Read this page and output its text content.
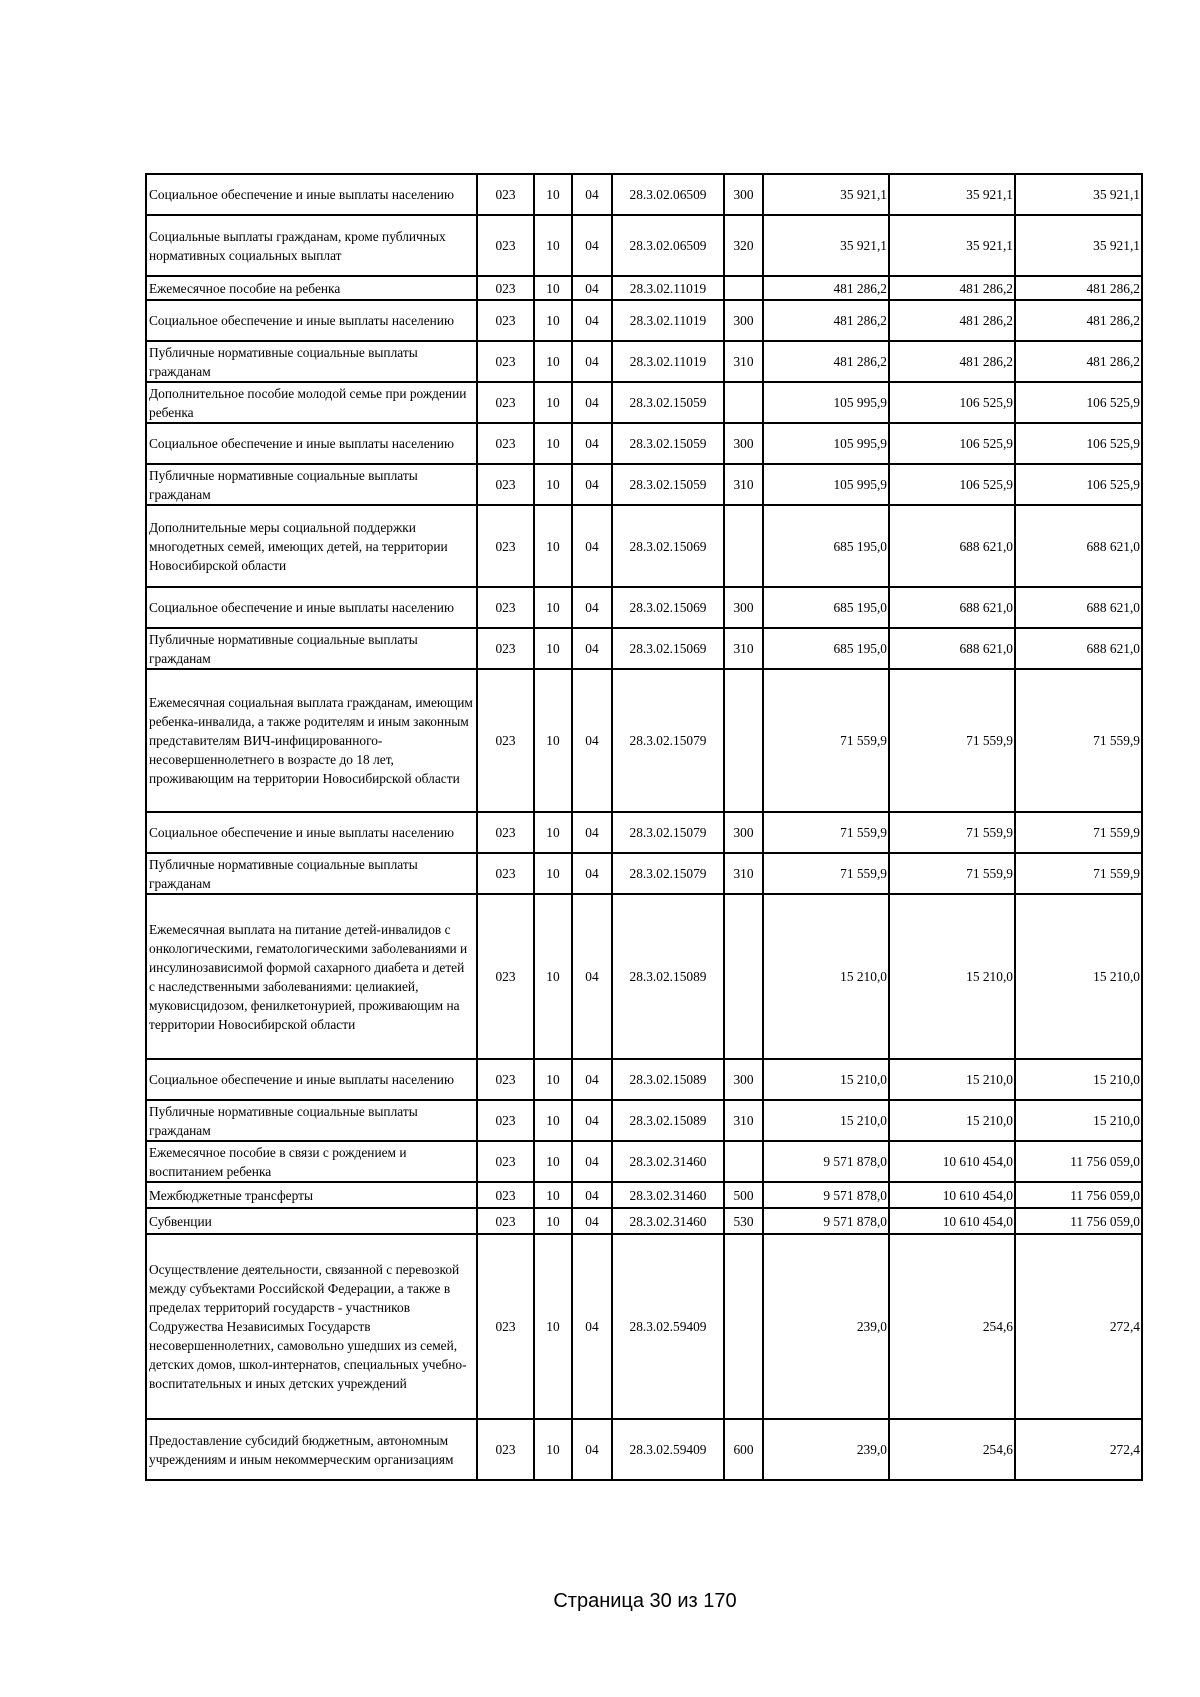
Социальное обеспечение и иные выплаты населению	023	10	04	28.3.02.06509	300	35 921,1	35 921,1	35 921,1
Социальные выплаты гражданам, кроме публичных нормативных социальных выплат	023	10	04	28.3.02.06509	320	35 921,1	35 921,1	35 921,1
Ежемесячное пособие на ребенка	023	10	04	28.3.02.11019		481 286,2	481 286,2	481 286,2
Социальное обеспечение и иные выплаты населению	023	10	04	28.3.02.11019	300	481 286,2	481 286,2	481 286,2
Публичные нормативные социальные выплаты гражданам	023	10	04	28.3.02.11019	310	481 286,2	481 286,2	481 286,2
Дополнительное пособие молодой семье при рождении ребенка	023	10	04	28.3.02.15059		105 995,9	106 525,9	106 525,9
Социальное обеспечение и иные выплаты населению	023	10	04	28.3.02.15059	300	105 995,9	106 525,9	106 525,9
Публичные нормативные социальные выплаты гражданам	023	10	04	28.3.02.15059	310	105 995,9	106 525,9	106 525,9
Дополнительные меры социальной поддержки многодетных семей, имеющих детей, на территории Новосибирской области	023	10	04	28.3.02.15069		685 195,0	688 621,0	688 621,0
Социальное обеспечение и иные выплаты населению	023	10	04	28.3.02.15069	300	685 195,0	688 621,0	688 621,0
Публичные нормативные социальные выплаты гражданам	023	10	04	28.3.02.15069	310	685 195,0	688 621,0	688 621,0
Ежемесячная социальная выплата гражданам, имеющим ребенка-инвалида, а также родителям и иным законным представителям ВИЧ-инфицированного-несовершеннолетнего в возрасте до 18 лет, проживающим на территории Новосибирской области	023	10	04	28.3.02.15079		71 559,9	71 559,9	71 559,9
Социальное обеспечение и иные выплаты населению	023	10	04	28.3.02.15079	300	71 559,9	71 559,9	71 559,9
Публичные нормативные социальные выплаты гражданам	023	10	04	28.3.02.15079	310	71 559,9	71 559,9	71 559,9
Ежемесячная выплата на питание детей-инвалидов с онкологическими, гематологическими заболеваниями и инсулинозависимой формой сахарного диабета и детей с наследственными заболеваниями: целиакией, муковисцидозом, фенилкетонурией, проживающим на территории Новосибирской области	023	10	04	28.3.02.15089		15 210,0	15 210,0	15 210,0
Социальное обеспечение и иные выплаты населению	023	10	04	28.3.02.15089	300	15 210,0	15 210,0	15 210,0
Публичные нормативные социальные выплаты гражданам	023	10	04	28.3.02.15089	310	15 210,0	15 210,0	15 210,0
Ежемесячное пособие в связи с рождением и воспитанием ребенка	023	10	04	28.3.02.31460		9 571 878,0	10 610 454,0	11 756 059,0
Межбюджетные трансферты	023	10	04	28.3.02.31460	500	9 571 878,0	10 610 454,0	11 756 059,0
Субвенции	023	10	04	28.3.02.31460	530	9 571 878,0	10 610 454,0	11 756 059,0
Осуществление деятельности, связанной с перевозкой между субъектами Российской Федерации, а также в пределах территорий государств - участников Содружества Независимых Государств несовершеннолетних, самовольно ушедших из семей, детских домов, школ-интернатов, специальных учебно-воспитательных и иных детских учреждений	023	10	04	28.3.02.59409		239,0	254,6	272,4
Предоставление субсидий бюджетным, автономным учреждениям и иным некоммерческим организациям	023	10	04	28.3.02.59409	600	239,0	254,6	272,4
Страница 30 из 170
